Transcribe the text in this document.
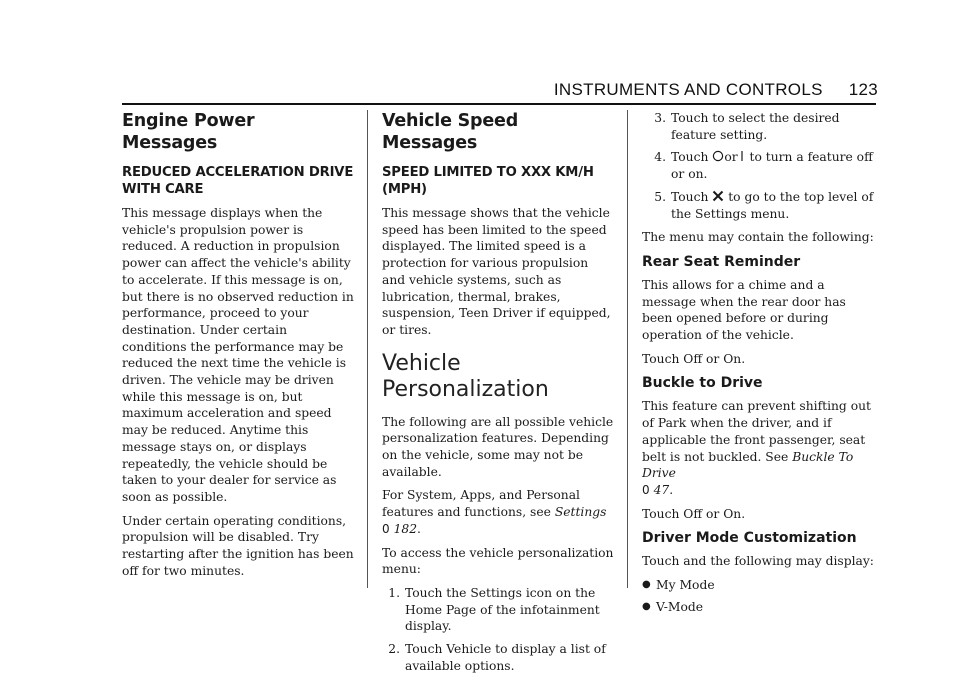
INSTRUMENTS AND CONTROLS 123
Engine Power Messages
REDUCED ACCELERATION DRIVE WITH CARE

This message displays when the vehicle's propulsion power is reduced. A reduction in propulsion power can affect the vehicle's ability to accelerate. If this message is on, but there is no observed reduction in performance, proceed to your destination. Under certain conditions the performance may be reduced the next time the vehicle is driven. The vehicle may be driven while this message is on, but maximum acceleration and speed may be reduced. Anytime this message stays on, or displays repeatedly, the vehicle should be taken to your dealer for service as soon as possible.

Under certain operating conditions, propulsion will be disabled. Try restarting after the ignition has been off for two minutes.

Vehicle Speed Messages
SPEED LIMITED TO XXX KM/H (MPH)

This message shows that the vehicle speed has been limited to the speed displayed. The limited speed is a protection for various propulsion and vehicle systems, such as lubrication, thermal, brakes, suspension, Teen Driver if equipped, or tires.

Vehicle Personalization

The following are all possible vehicle personalization features. Depending on the vehicle, some may not be available.

For System, Apps, and Personal features and functions, see Settings
0 182.

To access the vehicle personalization menu:

1. Touch the Settings icon on the Home Page of the infotainment display.
2. Touch Vehicle to display a list of available options.
3. Touch to select the desired feature setting.
4. Touch or to turn a feature off or on.
5. Touch to go to the top level of the Settings menu.

The menu may contain the following:

Rear Seat Reminder

This allows for a chime and a message when the rear door has been opened before or during operation of the vehicle.

Touch Off or On.

Buckle to Drive

This feature can prevent shifting out of Park when the driver, and if applicable the front passenger, seat belt is not buckled. See Buckle To Drive
0 47.

Touch Off or On.

Driver Mode Customization

Touch and the following may display:

● My Mode
● V-Mode
